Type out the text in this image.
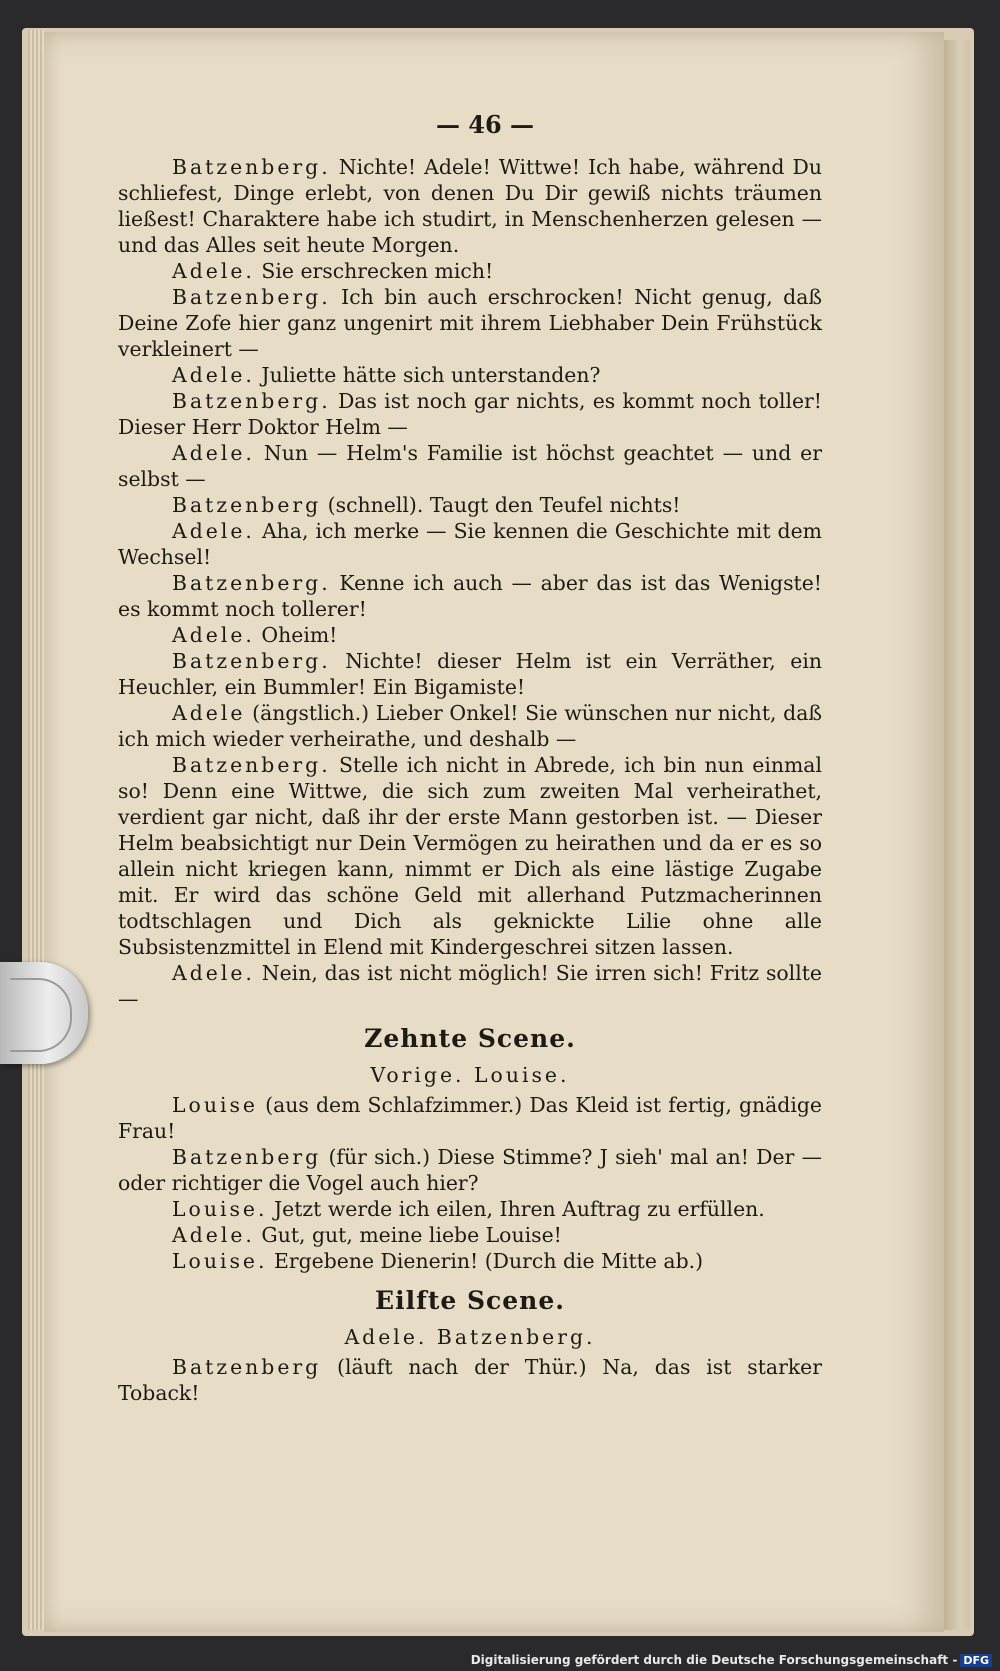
— 46 —

Batzenberg. Nichte! Adele! Wittwe! Ich habe, während Du schliefest, Dinge erlebt, von denen Du Dir gewiß nichts träumen ließest! Charaktere habe ich studirt, in Menschenherzen gelesen — und das Alles seit heute Morgen.

Adele. Sie erschrecken mich!

Batzenberg. Ich bin auch erschrocken! Nicht genug, daß Deine Zofe hier ganz ungenirt mit ihrem Liebhaber Dein Frühstück verkleinert —

Adele. Juliette hätte sich unterstanden?

Batzenberg. Das ist noch gar nichts, es kommt noch toller! Dieser Herr Doktor Helm —

Adele. Nun — Helm's Familie ist höchst geachtet — und er selbst —

Batzenberg (schnell). Taugt den Teufel nichts!

Adele. Aha, ich merke — Sie kennen die Geschichte mit dem Wechsel!

Batzenberg. Kenne ich auch — aber das ist das Wenigste! es kommt noch tollerer!

Adele. Oheim!

Batzenberg. Nichte! dieser Helm ist ein Verräther, ein Heuchler, ein Bummler! Ein Bigamiste!

Adele (ängstlich.) Lieber Onkel! Sie wünschen nur nicht, daß ich mich wieder verheirathe, und deshalb —

Batzenberg. Stelle ich nicht in Abrede, ich bin nun einmal so! Denn eine Wittwe, die sich zum zweiten Mal verheirathet, verdient gar nicht, daß ihr der erste Mann gestorben ist. — Dieser Helm beabsichtigt nur Dein Vermögen zu heirathen und da er es so allein nicht kriegen kann, nimmt er Dich als eine lästige Zugabe mit. Er wird das schöne Geld mit allerhand Putzmacherinnen todtschlagen und Dich als geknickte Lilie ohne alle Subsistenzmittel in Elend mit Kindergeschrei sitzen lassen.

Adele. Nein, das ist nicht möglich! Sie irren sich! Fritz sollte —

Zehnte Scene.

Vorige. Louise.

Louise (aus dem Schlafzimmer.) Das Kleid ist fertig, gnädige Frau!

Batzenberg (für sich.) Diese Stimme? J sieh' mal an! Der — oder richtiger die Vogel auch hier?

Louise. Jetzt werde ich eilen, Ihren Auftrag zu erfüllen.

Adele. Gut, gut, meine liebe Louise!

Louise. Ergebene Dienerin! (Durch die Mitte ab.)

Eilfte Scene.

Adele. Batzenberg.

Batzenberg (läuft nach der Thür.) Na, das ist starker Toback!

Digitalisierung gefördert durch die Deutsche Forschungsgemeinschaft - DFG
